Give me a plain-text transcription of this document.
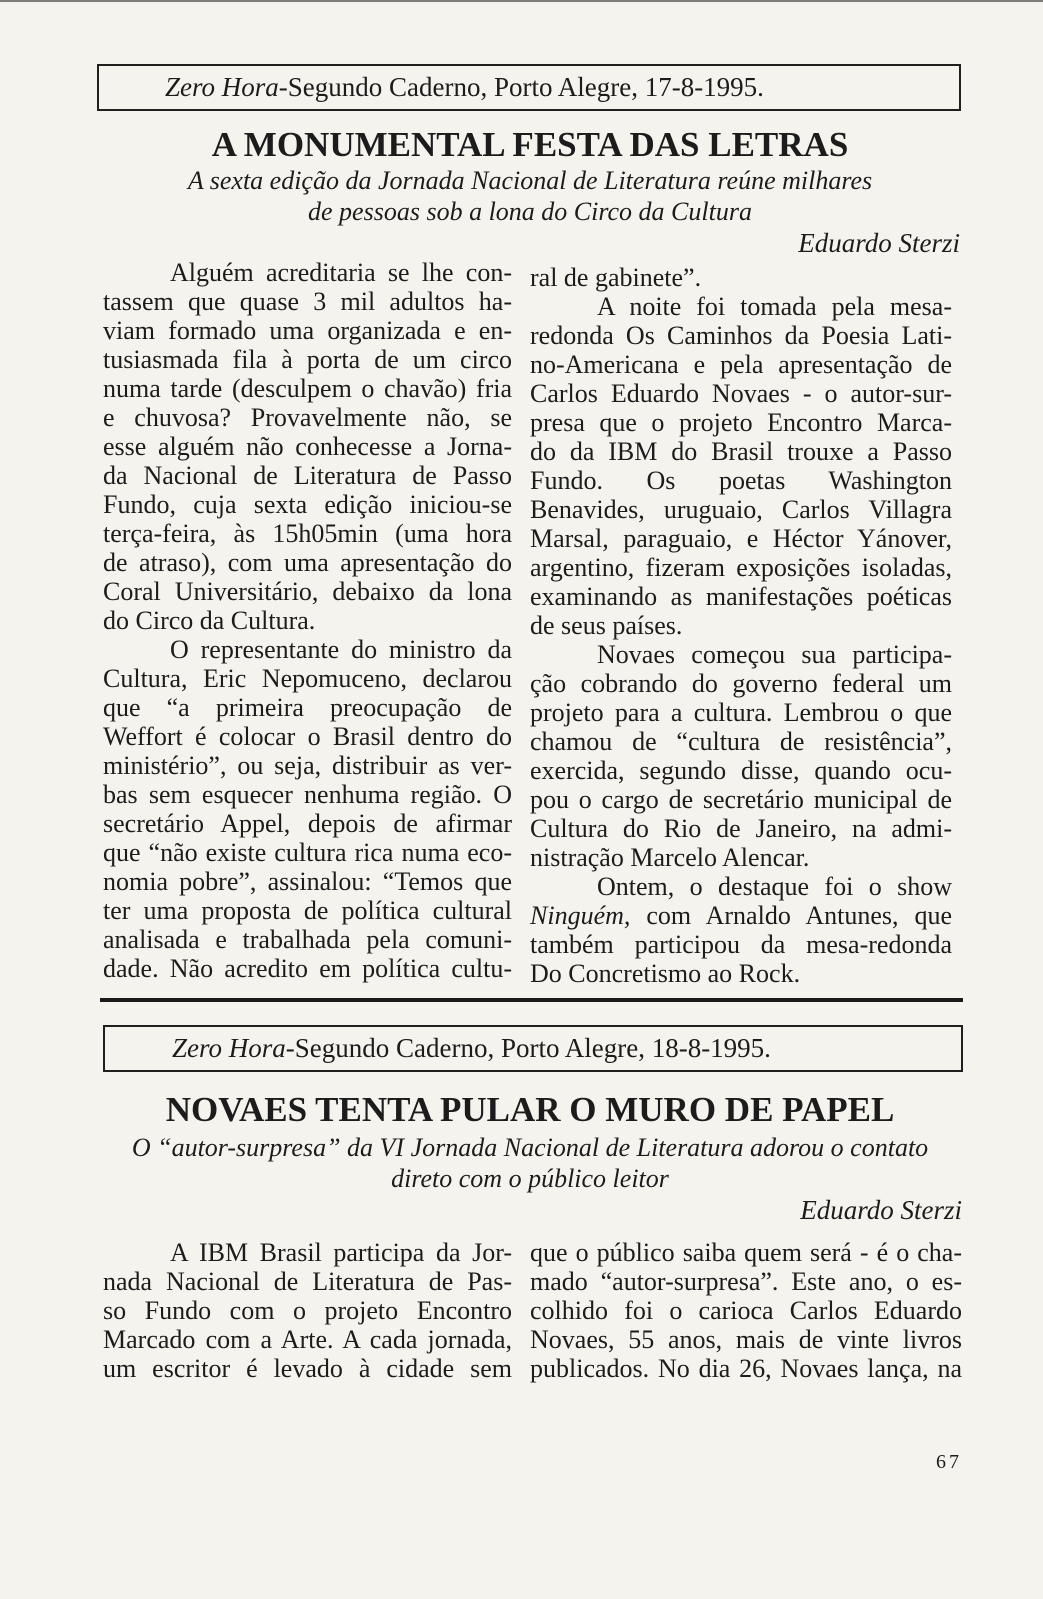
Zero Hora-Segundo Caderno, Porto Alegre, 17-8-1995.
A MONUMENTAL FESTA DAS LETRAS
A sexta edição da Jornada Nacional de Literatura reúne milhares
de pessoas sob a lona do Circo da Cultura
Eduardo Sterzi
Alguém acreditaria se lhe con-
tassem que quase 3 mil adultos ha-
viam formado uma organizada e en-
tusiasmada fila à porta de um circo
numa tarde (desculpem o chavão) fria
e chuvosa? Provavelmente não, se
esse alguém não conhecesse a Jorna-
da Nacional de Literatura de Passo
Fundo, cuja sexta edição iniciou-se
terça-feira, às 15h05min (uma hora
de atraso), com uma apresentação do
Coral Universitário, debaixo da lona
do Circo da Cultura.
O representante do ministro da
Cultura, Eric Nepomuceno, declarou
que “a primeira preocupação de
Weffort é colocar o Brasil dentro do
ministério”, ou seja, distribuir as ver-
bas sem esquecer nenhuma região. O
secretário Appel, depois de afirmar
que “não existe cultura rica numa eco-
nomia pobre”, assinalou: “Temos que
ter uma proposta de política cultural
analisada e trabalhada pela comuni-
dade. Não acredito em política cultu-
ral de gabinete”.
A noite foi tomada pela mesa-
redonda Os Caminhos da Poesia Lati-
no-Americana e pela apresentação de
Carlos Eduardo Novaes - o autor-sur-
presa que o projeto Encontro Marca-
do da IBM do Brasil trouxe a Passo
Fundo. Os poetas Washington
Benavides, uruguaio, Carlos Villagra
Marsal, paraguaio, e Héctor Yánover,
argentino, fizeram exposições isoladas,
examinando as manifestações poéticas
de seus países.
Novaes começou sua participa-
ção cobrando do governo federal um
projeto para a cultura. Lembrou o que
chamou de “cultura de resistência”,
exercida, segundo disse, quando ocu-
pou o cargo de secretário municipal de
Cultura do Rio de Janeiro, na admi-
nistração Marcelo Alencar.
Ontem, o destaque foi o show
Ninguém, com Arnaldo Antunes, que
também participou da mesa-redonda
Do Concretismo ao Rock.
Zero Hora-Segundo Caderno, Porto Alegre, 18-8-1995.
NOVAES TENTA PULAR O MURO DE PAPEL
O “autor-surpresa” da VI Jornada Nacional de Literatura adorou o contato
direto com o público leitor
Eduardo Sterzi
A IBM Brasil participa da Jor-
nada Nacional de Literatura de Pas-
so Fundo com o projeto Encontro
Marcado com a Arte. A cada jornada,
um escritor é levado à cidade sem
que o público saiba quem será - é o cha-
mado “autor-surpresa”. Este ano, o es-
colhido foi o carioca Carlos Eduardo
Novaes, 55 anos, mais de vinte livros
publicados. No dia 26, Novaes lança, na
67
